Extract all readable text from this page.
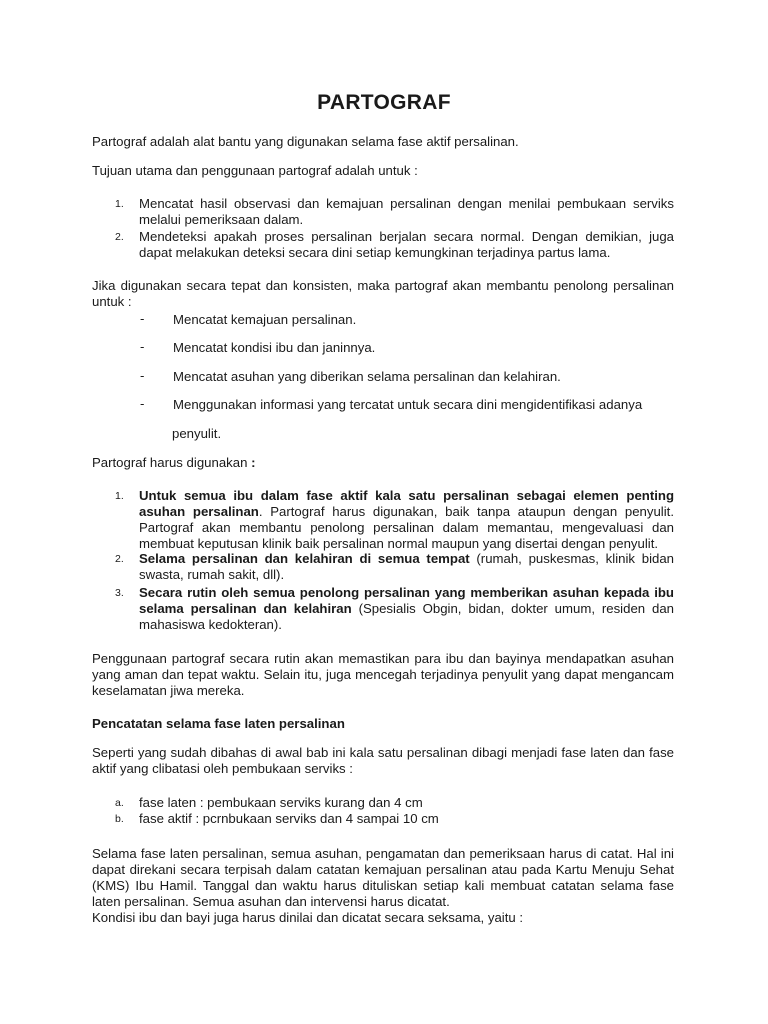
PARTOGRAF

Partograf adalah alat bantu yang digunakan selama fase aktif persalinan.

Tujuan utama dan penggunaan partograf adalah untuk :

1.	Mencatat hasil observasi dan kemajuan persalinan dengan menilai pembukaan serviks melalui pemeriksaan dalam.
2.	Mendeteksi apakah proses persalinan berjalan secara normal. Dengan demikian, juga dapat melakukan deteksi secara dini setiap kemungkinan terjadinya partus lama.

Jika digunakan secara tepat dan konsisten, maka partograf akan membantu penolong persalinan untuk :

- Mencatat kemajuan persalinan.

- Mencatat kondisi ibu dan janinnya.

- Mencatat asuhan yang diberikan selama persalinan dan kelahiran.

- Menggunakan informasi yang tercatat untuk secara dini mengidentifikasi adanya

penyulit.

Partograf harus digunakan :

1.	Untuk semua ibu dalam fase aktif kala satu persalinan sebagai elemen penting asuhan persalinan. Partograf harus digunakan, baik tanpa ataupun dengan penyulit. Partograf akan membantu penolong persalinan dalam memantau, mengevaluasi dan membuat keputusan klinik baik persalinan normal maupun yang disertai dengan penyulit.
2.	Selama persalinan dan kelahiran di semua tempat (rumah, puskesmas, klinik bidan swasta, rumah sakit, dll).
3.	Secara rutin oleh semua penolong persalinan yang memberikan asuhan kepada ibu selama persalinan dan kelahiran (Spesialis Obgin, bidan, dokter umum, residen dan mahasiswa kedokteran).

Penggunaan partograf secara rutin akan memastikan para ibu dan bayinya mendapatkan asuhan yang aman dan tepat waktu. Selain itu, juga mencegah terjadinya penyulit yang dapat mengancam keselamatan jiwa mereka.

Pencatatan selama fase laten persalinan

Seperti yang sudah dibahas di awal bab ini kala satu persalinan dibagi menjadi fase laten dan fase aktif yang clibatasi oleh pembukaan serviks :

a.	fase laten : pembukaan serviks kurang dan 4 cm
b.	fase aktif : pcrnbukaan serviks dan 4 sampai 10 cm

Selama fase laten persalinan, semua asuhan, pengamatan dan pemeriksaan harus di catat. Hal ini dapat direkani secara terpisah dalam catatan kemajuan persalinan atau pada Kartu Menuju Sehat (KMS) Ibu Hamil. Tanggal dan waktu harus dituliskan setiap kali membuat catatan selama fase laten persalinan. Semua asuhan dan intervensi harus dicatat.

Kondisi ibu dan bayi juga harus dinilai dan dicatat secara seksama, yaitu :
